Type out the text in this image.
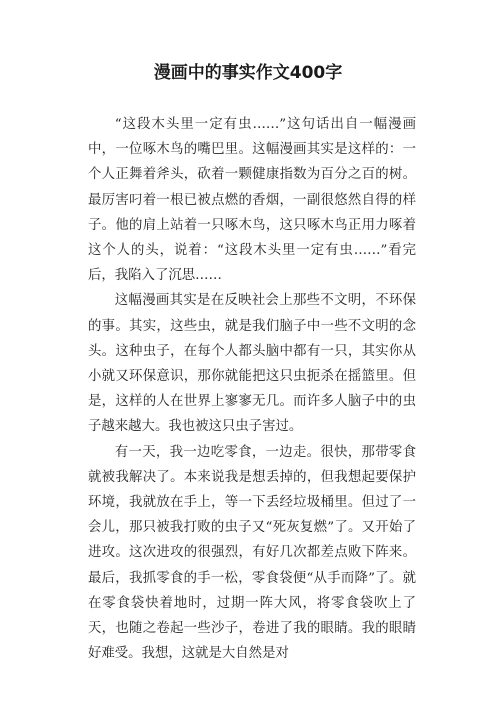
漫画中的事实作文400字

“这段木头里一定有虫……”这句话出自一幅漫画中，一位啄木鸟的嘴巴里。这幅漫画其实是这样的：一个人正舞着斧头，砍着一颗健康指数为百分之百的树。最厉害叼着一根已被点燃的香烟，一副很悠然自得的样子。他的肩上站着一只啄木鸟，这只啄木鸟正用力啄着这个人的头，说着：“这段木头里一定有虫……”看完后，我陷入了沉思……

这幅漫画其实是在反映社会上那些不文明，不环保的事。其实，这些虫，就是我们脑子中一些不文明的念头。这种虫子，在每个人都头脑中都有一只，其实你从小就又环保意识，那你就能把这只虫扼杀在摇篮里。但是，这样的人在世界上寥寥无几。而许多人脑子中的虫子越来越大。我也被这只虫子害过。

有一天，我一边吃零食，一边走。很快，那带零食就被我解决了。本来说我是想丢掉的，但我想起要保护环境，我就放在手上，等一下丢经垃圾桶里。但过了一会儿，那只被我打败的虫子又“死灰复燃”了。又开始了进攻。这次进攻的很强烈，有好几次都差点败下阵来。最后，我抓零食的手一松，零食袋便“从手而降”了。就在零食袋快着地时，过期一阵大风，将零食袋吹上了天，也随之卷起一些沙子，卷进了我的眼睛。我的眼睛好难受。我想，这就是大自然是对
